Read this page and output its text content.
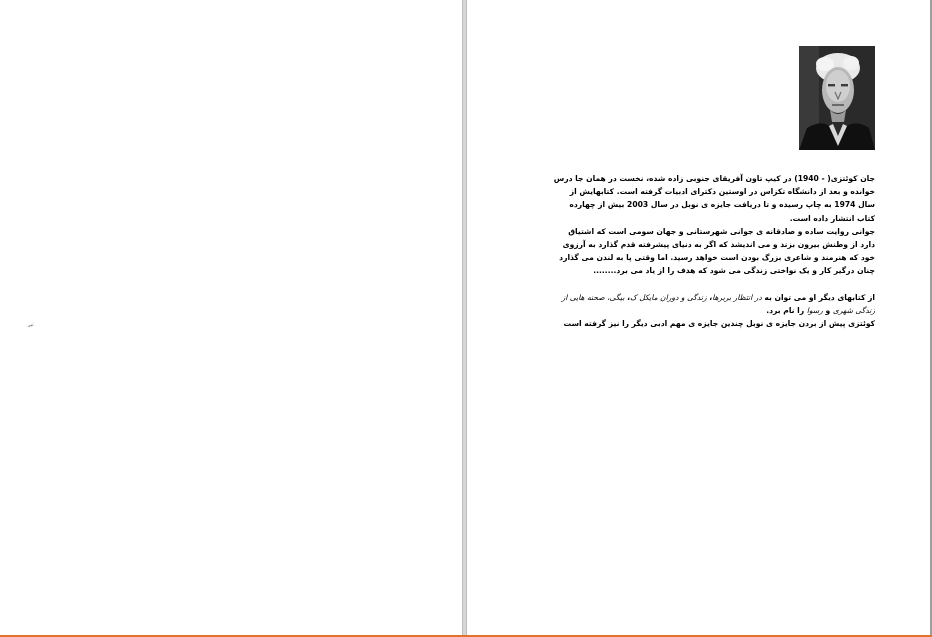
تیر

جان کوئتزی( - 1940) در کیپ تاون آفریقای جنوبی زاده شده، نخست در همان جا درس خوانده و بعد از دانشگاه تکزاس در اوستین دکترای ادبیات گرفته است. کتابهایش از سال 1974 به چاپ رسیده و تا دریافت جایزه ی نوبل در سال 2003 بیش از چهارده کتاب انتشار داده است.

جوانی روایت ساده و صادقانه ی جوانی شهرستانی و جهان سومی است که اشتیاق دارد از وطنش بیرون بزند و می اندیشد که اگر به دنیای پیشرفته قدم گذارد به آرزوی خود که هنرمند و شاعری بزرگ بودن است خواهد رسید. اما وقتی پا به لندن می گذارد چنان درگیر کار و یک نواختی زندگی می شود که هدف را از یاد می برد........

از کتابهای دیگر او می توان به در انتظار بربرها، زندگی و دوران مایکل ک، بیگی، صحنه هایی از زندگی شهری و رسوا را نام برد.

کوئتزی پیش از بردن جایزه ی نوبل چندین جایزه ی مهم ادبی دیگر را نیز گرفته است
